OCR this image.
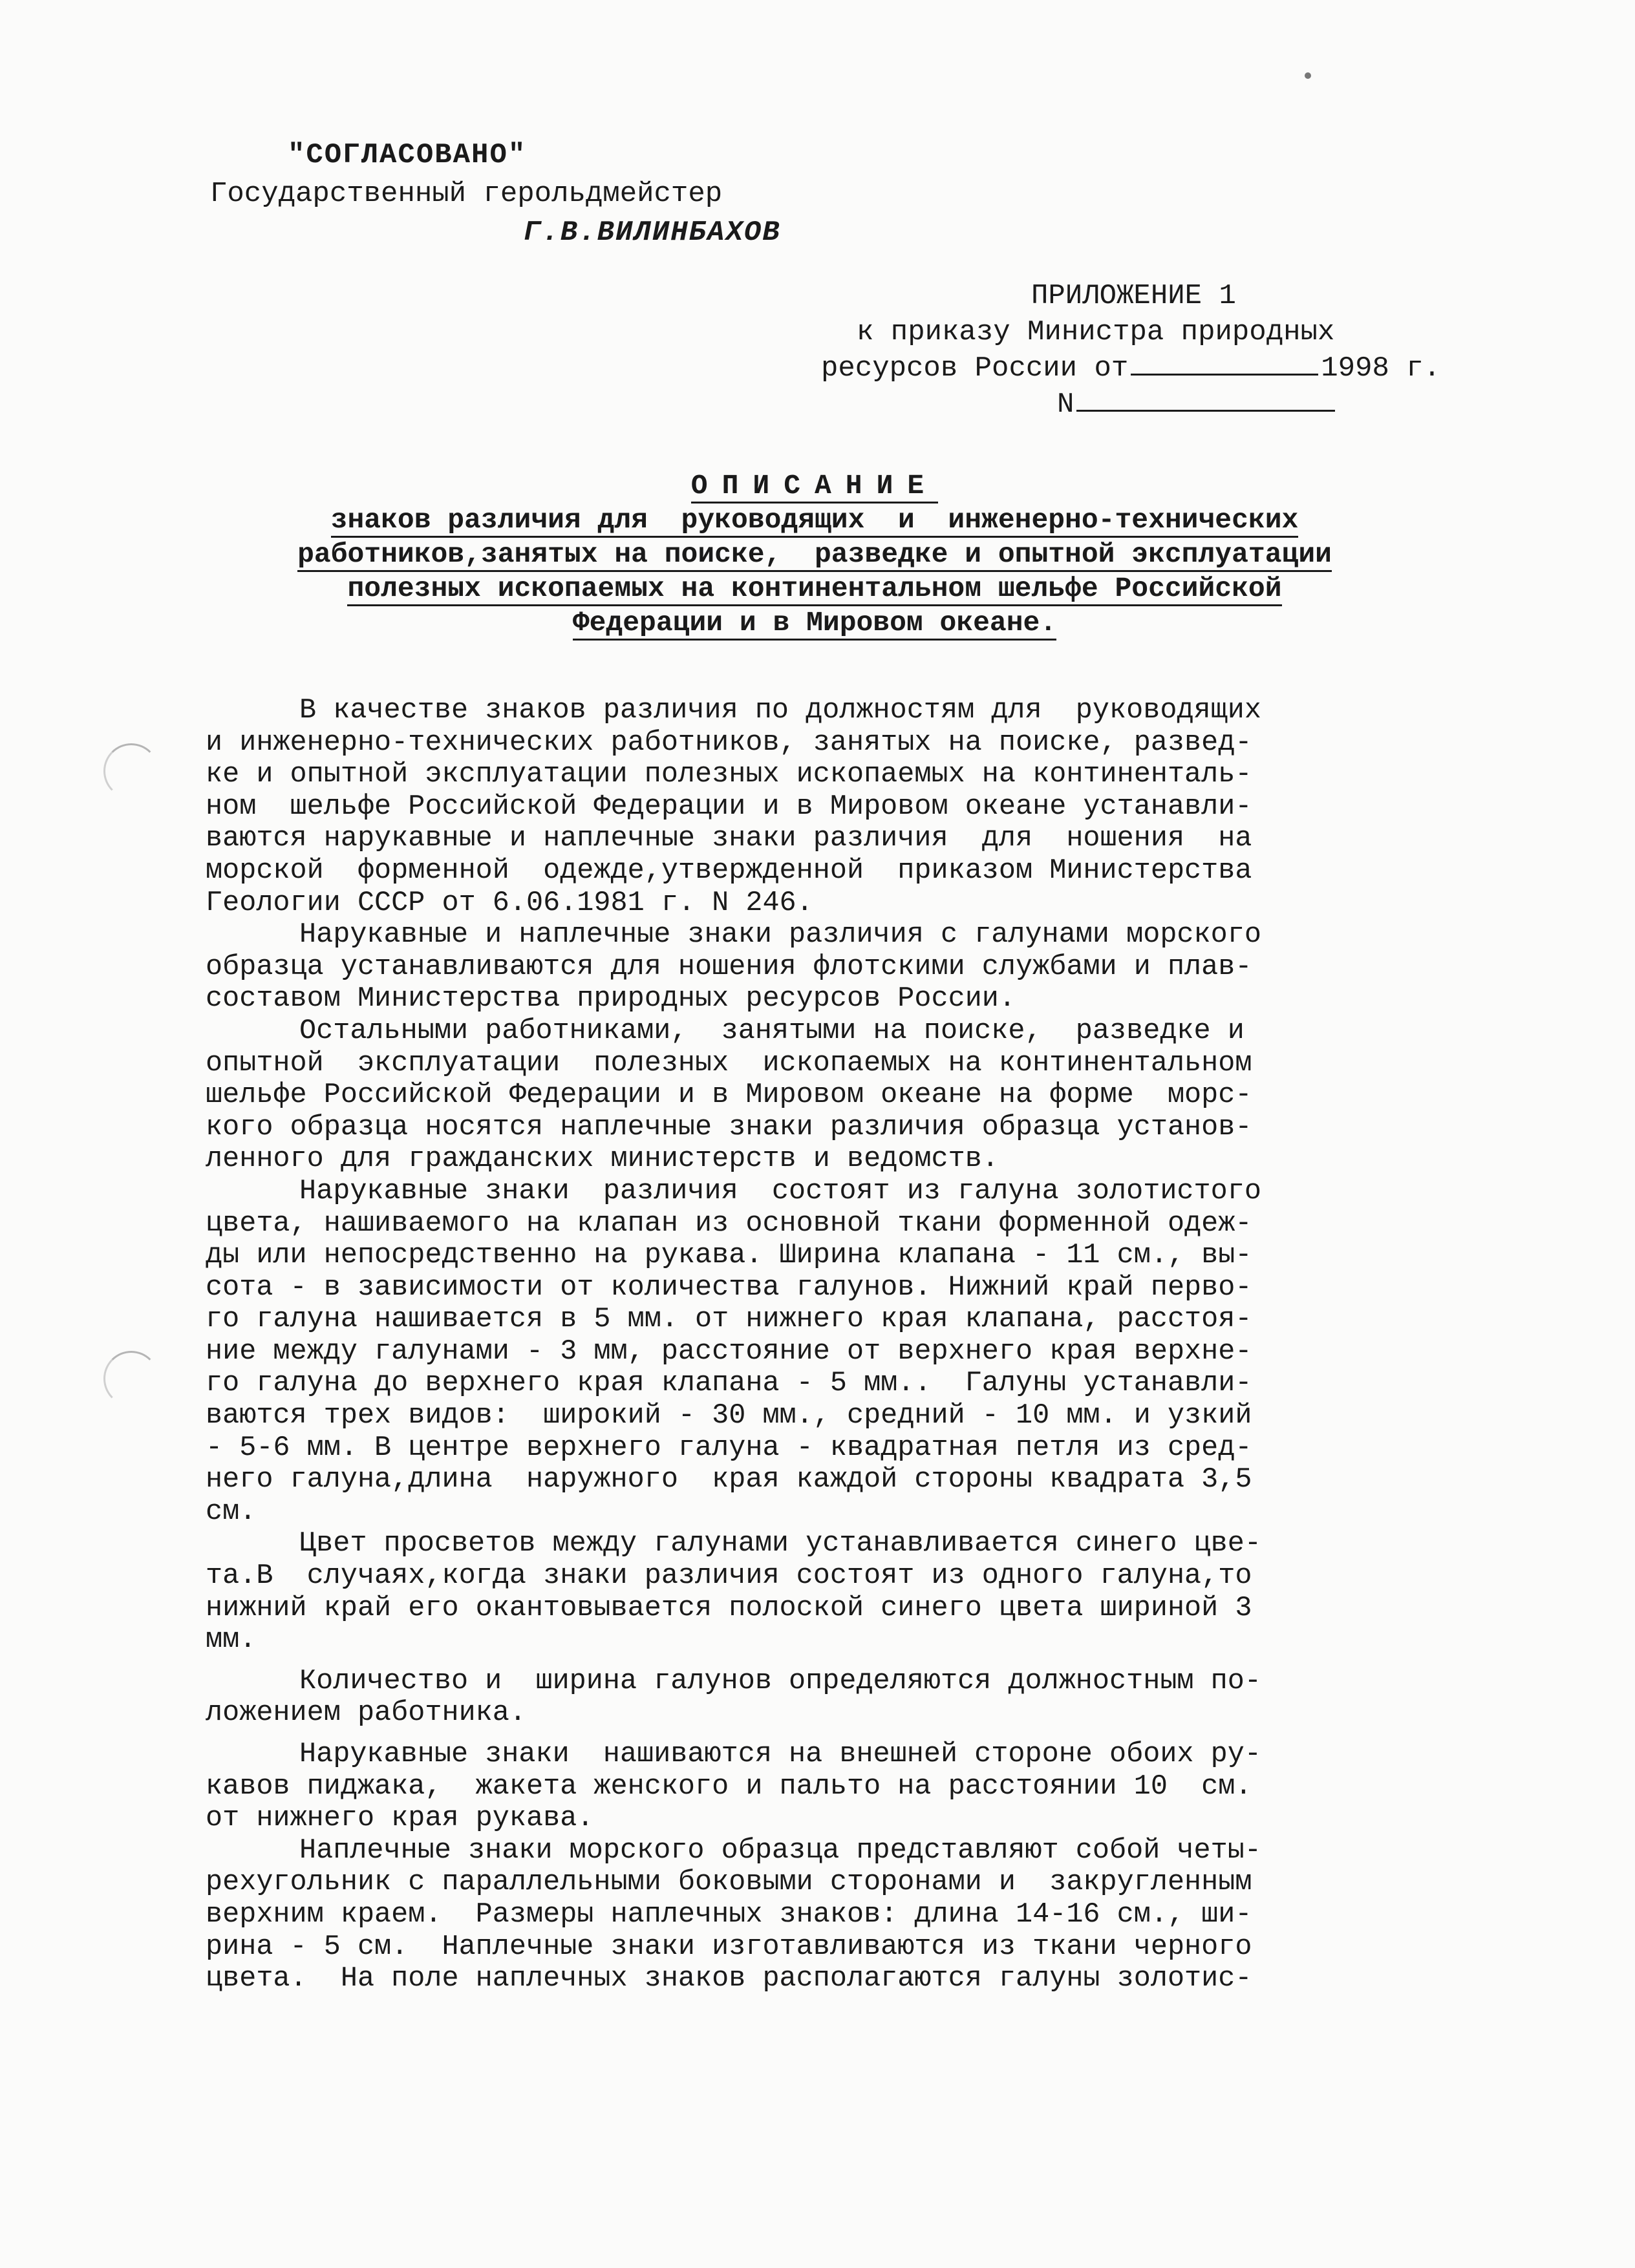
"СОГЛАСОВАНО"
Государственный герольдмейстер
Г.В.ВИЛИНБАХОВ
ПРИЛОЖЕНИЕ 1
к приказу Министра природных
ресурсов России от	1998 г.
N
ОПИСАНИЕ
знаков различия для  руководящих  и  инженерно-технических
работников,занятых на поиске,  разведке и опытной эксплуатации
полезных ископаемых на континентальном шельфе Российской
Федерации и в Мировом океане.
В качестве знаков различия по должностям для  руководящих
и инженерно-технических работников, занятых на поиске, развед-
ке и опытной эксплуатации полезных ископаемых на континенталь-
ном  шельфе Российской Федерации и в Мировом океане устанавли-
ваются нарукавные и наплечные знаки различия  для  ношения  на
морской  форменной  одежде,утвержденной  приказом Министерства
Геологии СССР от 6.06.1981 г. N 246.
Нарукавные и наплечные знаки различия с галунами морского
образца устанавливаются для ношения флотскими службами и плав-
составом Министерства природных ресурсов России.
Остальными работниками,  занятыми на поиске,  разведке и
опытной  эксплуатации  полезных  ископаемых на континентальном
шельфе Российской Федерации и в Мировом океане на форме  морс-
кого образца носятся наплечные знаки различия образца установ-
ленного для гражданских министерств и ведомств.
Нарукавные знаки  различия  состоят из галуна золотистого
цвета, нашиваемого на клапан из основной ткани форменной одеж-
ды или непосредственно на рукава. Ширина клапана - 11 см., вы-
сота - в зависимости от количества галунов. Нижний край перво-
го галуна нашивается в 5 мм. от нижнего края клапана, расстоя-
ние между галунами - 3 мм, расстояние от верхнего края верхне-
го галуна до верхнего края клапана - 5 мм..  Галуны устанавли-
ваются трех видов:  широкий - 30 мм., средний - 10 мм. и узкий
- 5-6 мм. В центре верхнего галуна - квадратная петля из сред-
него галуна,длина  наружного  края каждой стороны квадрата 3,5
см.
Цвет просветов между галунами устанавливается синего цве-
та.В  случаях,когда знаки различия состоят из одного галуна,то
нижний край его окантовывается полоской синего цвета шириной 3
мм.
Количество и  ширина галунов определяются должностным по-
ложением работника.
Нарукавные знаки  нашиваются на внешней стороне обоих ру-
кавов пиджака,  жакета женского и пальто на расстоянии 10  см.
от нижнего края рукава.
Наплечные знаки морского образца представляют собой четы-
рехугольник с параллельными боковыми сторонами и  закругленным
верхним краем.  Размеры наплечных знаков: длина 14-16 см., ши-
рина - 5 см.  Наплечные знаки изготавливаются из ткани черного
цвета.  На поле наплечных знаков располагаются галуны золотис-
